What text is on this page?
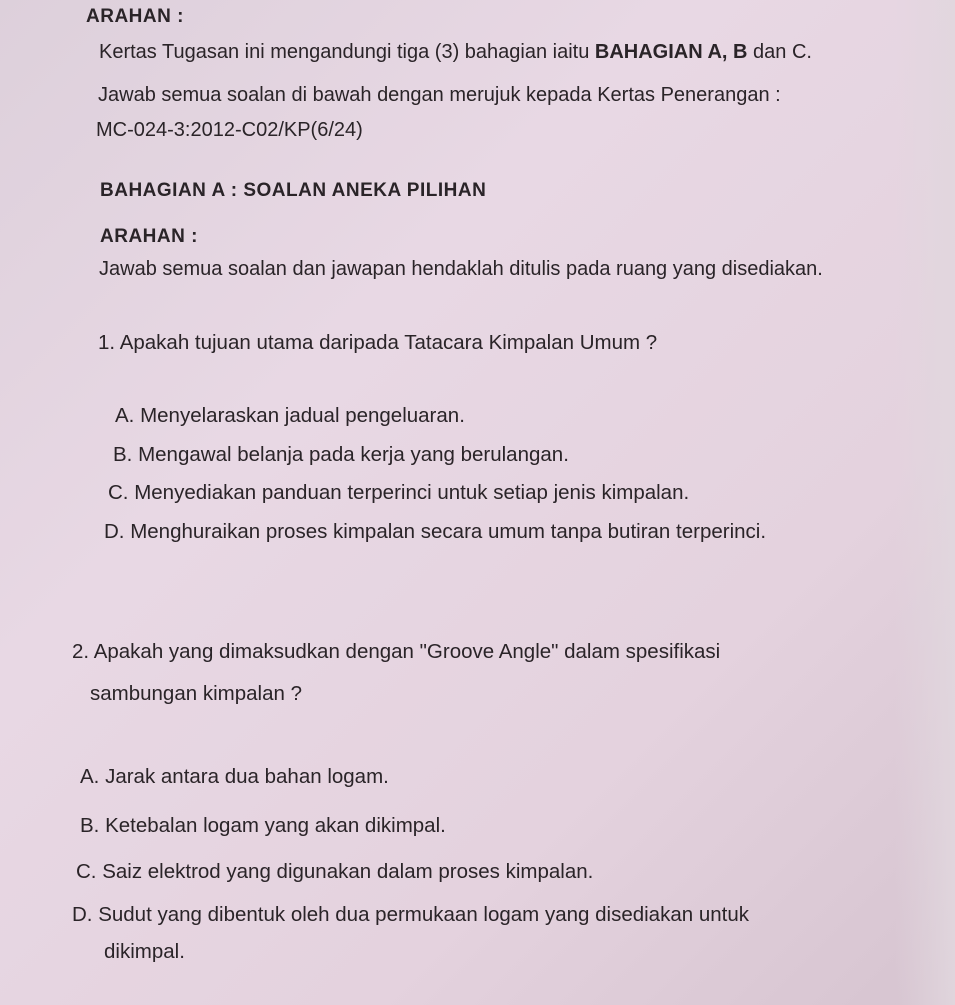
ARAHAN :
Kertas Tugasan ini mengandungi tiga (3) bahagian iaitu BAHAGIAN A, B dan C.
Jawab semua soalan di bawah dengan merujuk kepada Kertas Penerangan :
MC-024-3:2012-C02/KP(6/24)
BAHAGIAN A : SOALAN ANEKA PILIHAN
ARAHAN :
Jawab semua soalan dan jawapan hendaklah ditulis pada ruang yang disediakan.
1. Apakah tujuan utama daripada Tatacara Kimpalan Umum ?
A. Menyelaraskan jadual pengeluaran.
B. Mengawal belanja pada kerja yang berulangan.
C. Menyediakan panduan terperinci untuk setiap jenis kimpalan.
D. Menghuraikan proses kimpalan secara umum tanpa butiran terperinci.
2. Apakah yang dimaksudkan dengan "Groove Angle" dalam spesifikasi
sambungan kimpalan ?
A. Jarak antara dua bahan logam.
B. Ketebalan logam yang akan dikimpal.
C. Saiz elektrod yang digunakan dalam proses kimpalan.
D. Sudut yang dibentuk oleh dua permukaan logam yang disediakan untuk
dikimpal.
